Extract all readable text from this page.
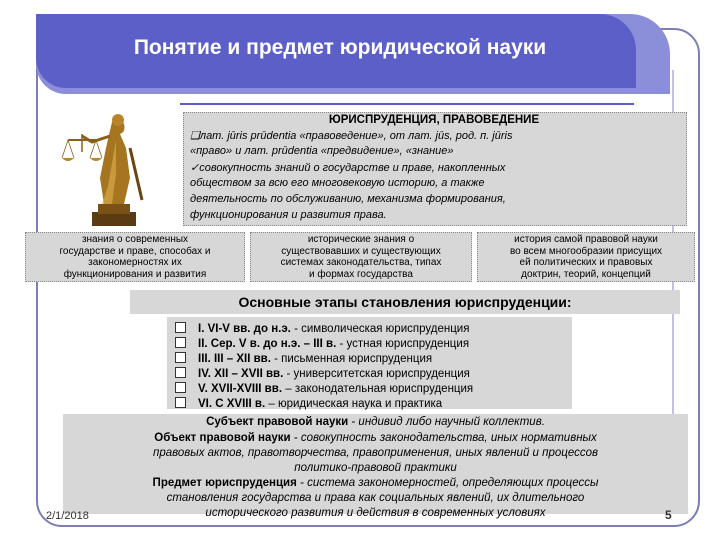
Понятие и предмет юридической науки
ЮРИСПРУДЕНЦИЯ, ПРАВОВЕДЕНИЕ
❑лат. jūris prūdentia «правоведение», от лат. jūs, род. п. jūris
«право» и лат. prūdentia «предвидение», «знание»
✓совокупность знаний о государстве и праве, накопленных
обществом за всю его многовековую историю, а также
деятельность по обслуживанию, механизма формирования,
функционирования и развития права.
знания о современных
государстве и праве, способах и
закономерностях их
функционирования и развития
исторические знания о
существовавших и существующих
системах законодательства, типах
и формах государства
история самой правовой науки
во всем многообразии присущих
ей политических и правовых
доктрин, теорий, концепций
Основные этапы становления юриспруденции:
I. VI-V вв. до н.э. - символическая юриспруденция
II. Сер. V в. до н.э. – III в. - устная юриспруденция
III. III – XII вв. - письменная юриспруденция
IV. XII – XVII вв. - университетская юриспруденция
V. XVII-XVIII вв. – законодательная юриспруденция
VI. С XVIII в. – юридическая наука и практика
Субъект правовой науки - индивид либо научный коллектив.
Объект правовой науки - совокупность законодательства, иных нормативных
правовых актов, правотворчества, правоприменения, иных явлений и процессов
политико-правовой практики
Предмет юриспруденция - система закономерностей, определяющих процессы
становления государства и права как социальных явлений, их длительного
исторического развития и действия в современных условиях
2/1/2018	5
